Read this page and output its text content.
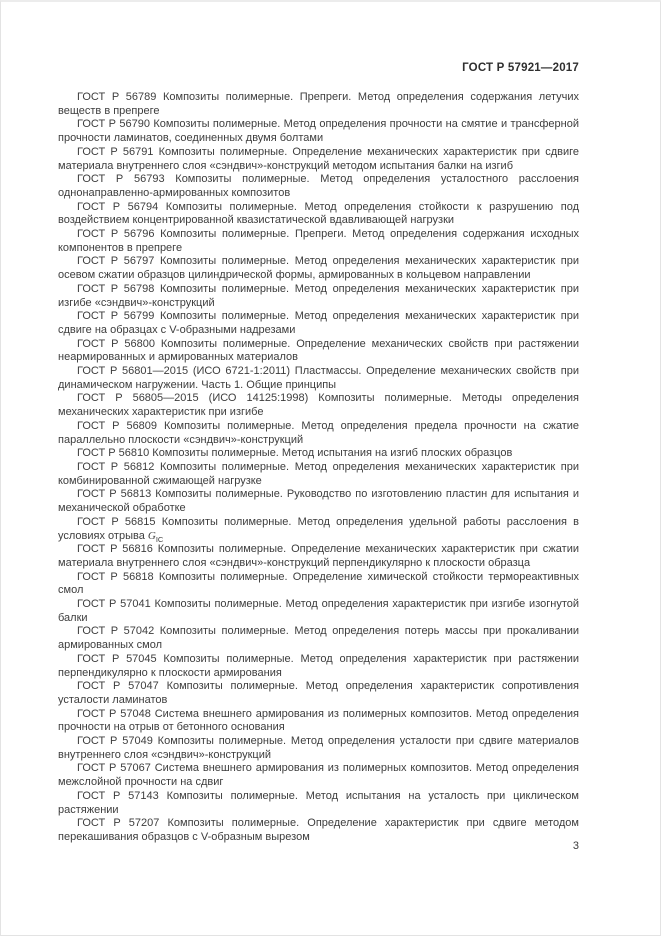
ГОСТ Р 57921—2017

ГОСТ Р 56789 Композиты полимерные. Препреги. Метод определения содержания летучих веществ в препреге

ГОСТ Р 56790 Композиты полимерные. Метод определения прочности на смятие и трансферной прочности ламинатов, соединенных двумя болтами

ГОСТ Р 56791 Композиты полимерные. Определение механических характеристик при сдвиге материала внутреннего слоя «сэндвич»-конструкций методом испытания балки на изгиб

ГОСТ Р 56793 Композиты полимерные. Метод определения усталостного расслоения однонаправленно-армированных композитов

ГОСТ Р 56794 Композиты полимерные. Метод определения стойкости к разрушению под воздействием концентрированной квазистатической вдавливающей нагрузки

ГОСТ Р 56796 Композиты полимерные. Препреги. Метод определения содержания исходных компонентов в препреге

ГОСТ Р 56797 Композиты полимерные. Метод определения механических характеристик при осевом сжатии образцов цилиндрической формы, армированных в кольцевом направлении

ГОСТ Р 56798 Композиты полимерные. Метод определения механических характеристик при изгибе «сэндвич»-конструкций

ГОСТ Р 56799 Композиты полимерные. Метод определения механических характеристик при сдвиге на образцах с V-образными надрезами

ГОСТ Р 56800 Композиты полимерные. Определение механических свойств при растяжении неармированных и армированных материалов

ГОСТ Р 56801—2015 (ИСО 6721-1:2011) Пластмассы. Определение механических свойств при динамическом нагружении. Часть 1. Общие принципы

ГОСТ Р 56805—2015 (ИСО 14125:1998) Композиты полимерные. Методы определения механических характеристик при изгибе

ГОСТ Р 56809 Композиты полимерные. Метод определения предела прочности на сжатие параллельно плоскости «сэндвич»-конструкций

ГОСТ Р 56810 Композиты полимерные. Метод испытания на изгиб плоских образцов

ГОСТ Р 56812 Композиты полимерные. Метод определения механических характеристик при комбинированной сжимающей нагрузке

ГОСТ Р 56813 Композиты полимерные. Руководство по изготовлению пластин для испытания и механической обработке

ГОСТ Р 56815 Композиты полимерные. Метод определения удельной работы расслоения в условиях отрыва $G_{IC}$

ГОСТ Р 56816 Композиты полимерные. Определение механических характеристик при сжатии материала внутреннего слоя «сэндвич»-конструкций перпендикулярно к плоскости образца

ГОСТ Р 56818 Композиты полимерные. Определение химической стойкости термореактивных смол

ГОСТ Р 57041 Композиты полимерные. Метод определения характеристик при изгибе изогнутой балки

ГОСТ Р 57042 Композиты полимерные. Метод определения потерь массы при прокаливании армированных смол

ГОСТ Р 57045 Композиты полимерные. Метод определения характеристик при растяжении перпендикулярно к плоскости армирования

ГОСТ Р 57047 Композиты полимерные. Метод определения характеристик сопротивления усталости ламинатов

ГОСТ Р 57048 Система внешнего армирования из полимерных композитов. Метод определения прочности на отрыв от бетонного основания

ГОСТ Р 57049 Композиты полимерные. Метод определения усталости при сдвиге материалов внутреннего слоя «сэндвич»-конструкций

ГОСТ Р 57067 Система внешнего армирования из полимерных композитов. Метод определения межслойной прочности на сдвиг

ГОСТ Р 57143 Композиты полимерные. Метод испытания на усталость при циклическом растяжении

ГОСТ Р 57207 Композиты полимерные. Определение характеристик при сдвиге методом перекашивания образцов с V-образным вырезом

3
